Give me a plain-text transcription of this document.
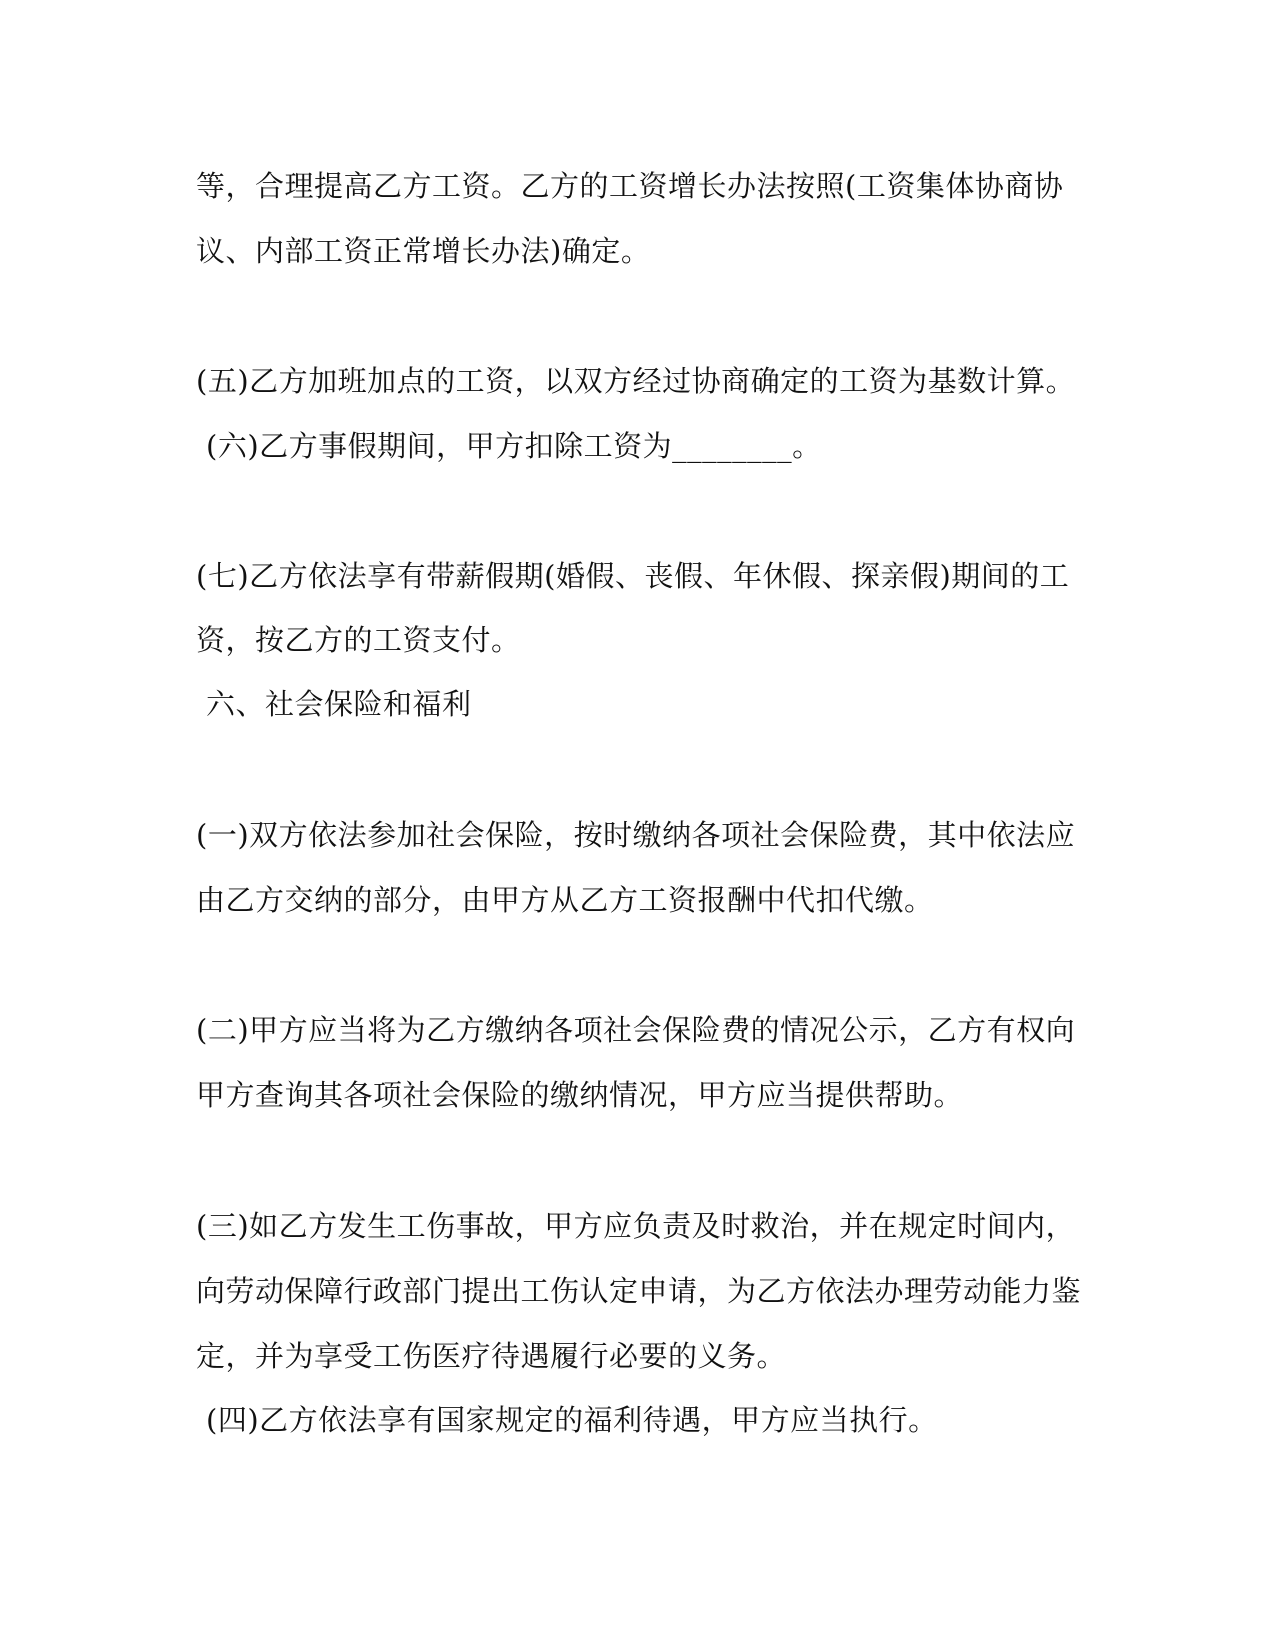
等，合理提高乙方工资。乙方的工资增长办法按照(工资集体协商协
议、内部工资正常增长办法)确定。
(五)乙方加班加点的工资，以双方经过协商确定的工资为基数计算。
(六)乙方事假期间，甲方扣除工资为________。
(七)乙方依法享有带薪假期(婚假、丧假、年休假、探亲假)期间的工
资，按乙方的工资支付。
六、社会保险和福利
(一)双方依法参加社会保险，按时缴纳各项社会保险费，其中依法应
由乙方交纳的部分，由甲方从乙方工资报酬中代扣代缴。
(二)甲方应当将为乙方缴纳各项社会保险费的情况公示，乙方有权向
甲方查询其各项社会保险的缴纳情况，甲方应当提供帮助。
(三)如乙方发生工伤事故，甲方应负责及时救治，并在规定时间内，
向劳动保障行政部门提出工伤认定申请，为乙方依法办理劳动能力鉴
定，并为享受工伤医疗待遇履行必要的义务。
(四)乙方依法享有国家规定的福利待遇，甲方应当执行。
